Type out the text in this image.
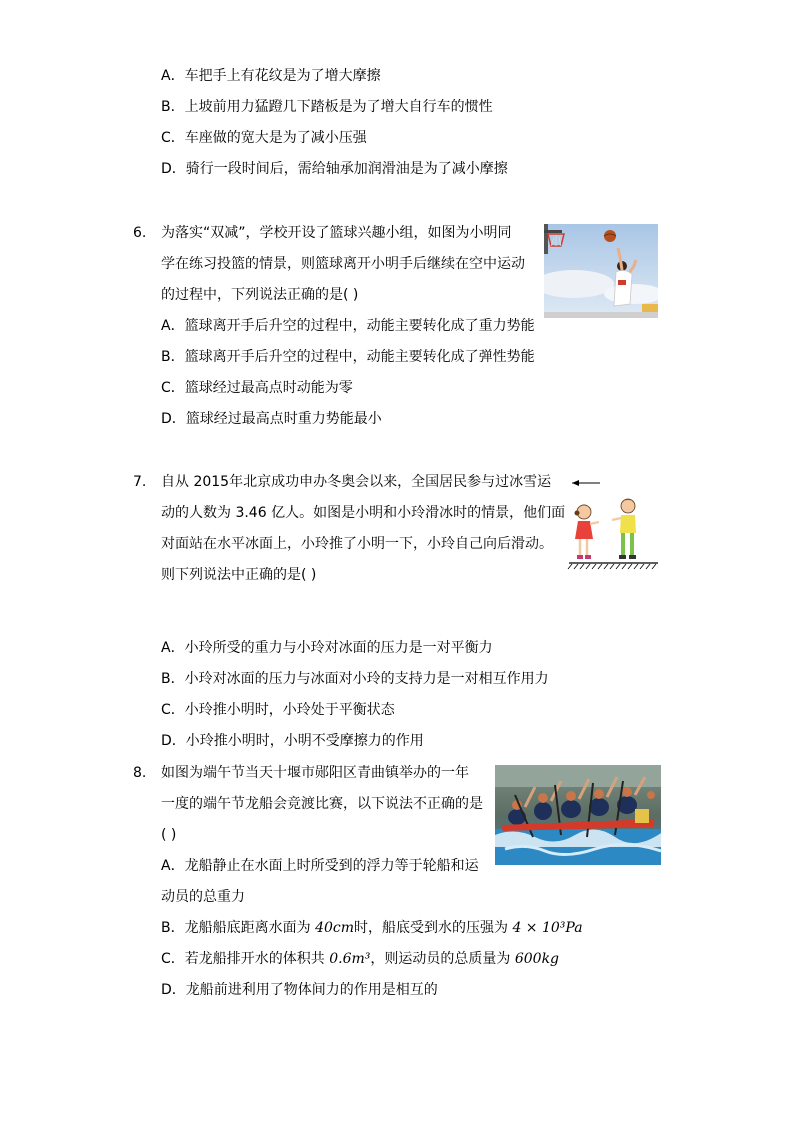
A．车把手上有花纹是为了增大摩擦
B．上坡前用力猛蹬几下踏板是为了增大自行车的惯性
C．车座做的宽大是为了减小压强
D．骑行一段时间后，需给轴承加润滑油是为了减小摩擦
6. 为落实“双减”，学校开设了篮球兴趣小组，如图为小明同
学在练习投篮的情景，则篮球离开小明手后继续在空中运动
的过程中，下列说法正确的是( )
A．篮球离开手后升空的过程中，动能主要转化成了重力势能
B．篮球离开手后升空的过程中，动能主要转化成了弹性势能
C．篮球经过最高点时动能为零
D．篮球经过最高点时重力势能最小
7. 自从 2015年北京成功申办冬奥会以来，全国居民参与过冰雪运
动的人数为 3.46 亿人。如图是小明和小玲滑冰时的情景，他们面
对面站在水平冰面上，小玲推了小明一下，小玲自己向后滑动。
则下列说法中正确的是( )
A．小玲所受的重力与小玲对冰面的压力是一对平衡力
B．小玲对冰面的压力与冰面对小玲的支持力是一对相互作用力
C．小玲推小明时，小玲处于平衡状态
D．小玲推小明时，小明不受摩擦力的作用
8. 如图为端午节当天十堰市郧阳区青曲镇举办的一年
一度的端午节龙船会竞渡比赛，以下说法不正确的是
( )
A．龙船静止在水面上时所受到的浮力等于轮船和运
动员的总重力
B．龙船船底距离水面为 40cm时，船底受到水的压强为 4 × 10³Pa
C．若龙船排开水的体积共 0.6m³，则运动员的总质量为 600kg
D．龙船前进利用了物体间力的作用是相互的
